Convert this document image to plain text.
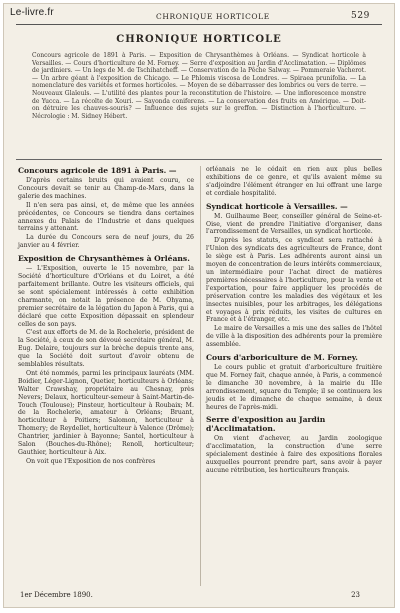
Le-livre.fr	CHRONIQUE HORTICOLE	529
CHRONIQUE HORTICOLE
Concours agricole de 1891 à Paris. — Exposition de Chrysanthèmes à Orléans. — Syndicat horticole à Versailles. — Cours d'horticulture de M. Forney. — Serre d'exposition au Jardin d'Acclimatation. — Diplômes de jardiniers. — Un legs de M. de Tschihatcheff. — Conservation de la Pêche Salway. — Pommeraie Vacherot. — Un arbre géant à l'exposition de Chicago. — Le Phlomis viscosa de Londres. — Spiraea prunifolia. — La nomenclature des variétés et formes horticoles. — Moyen de se débarrasser des lombrics ou vers de terre. — Nouveaux Glaïeuls. — L'utilité des plantes pour la reconstitution de l'histoire. — Une inflorescence monstre de Yucca. — La récolte de Xouri. — Sayonda coniferens. — La conservation des fruits en Amérique. — Doit-on détruire les chauves-souris? — Influence des sujets sur le greffon. — Distinction à l'horticulture. — Nécrologie : M. Sidney Hébert.
Concours agricole de 1891 à Paris. —

D'après certains bruits qui avaient couru, ce Concours devait se tenir au Champ-de-Mars, dans la galerie des machines.

Il n'en sera pas ainsi, et, de même que les années précédentes, ce Concours se tiendra dans certaines annexes du Palais de l'Industrie et dans quelques terrains y attenant.

La durée du Concours sera de neuf jours, du 26 janvier au 4 février.

Exposition de Chrysanthèmes à Orléans.

— L'Exposition, ouverte le 15 novembre, par la Société d'horticulture d'Orléans et du Loiret, a été parfaitement brillante. Outre les visiteurs officiels, qui se sont spécialement intéressés à cette exhibition charmante, on notait la présence de M. Ohyama, premier secrétaire de la légation du Japon à Paris, qui a déclaré que cette Exposition dépassait en splendeur celles de son pays.

C'est aux efforts de M. de la Rochelerie, président de la Société, à ceux de son dévoué secrétaire général, M. Eug. Delaire, toujours sur la brèche depuis trente ans, que la Société doit surtout d'avoir obtenu de semblables résultats.

Ont été nommés, parmi les principaux lauréats (MM. Boidier, Léger-Lignon, Quetier, horticulteurs à Orléans; Walter Crawshay, propriétaire au Chesnay, près Nevers; Delaux, horticulteur-semeur à Saint-Martin-de-Touch (Toulouse); Pinsteur, horticulteur à Roubaix; M. de la Rochelerie, amateur à Orléans; Bruant, horticulteur à Poitiers; Salomon, horticulteur à Thomery; de Reydellet, horticulteur à Valence (Drôme); Chantrier, jardinier à Bayonne; Santel, horticulteur à Salon (Bouches-du-Rhône); Renoll, horticulteur; Gauthier, horticulteur à Aix.

On voit que l'Exposition de nos confrères

orléanais ne le cédait en rien aux plus belles exhibitions de ce genre, et qu'ils avaient même su s'adjoindre l'élément étranger en lui offrant une large et cordiale hospitalité.

Syndicat horticole à Versailles. —

M. Guilhaume Beer, conseiller général de Seine-et-Oise, vient de prendre l'initiative d'organiser, dans l'arrondissement de Versailles, un syndicat horticole.

D'après les statuts, ce syndicat sera rattaché à l'Union des syndicats des agriculteurs de France, dont le siège est à Paris. Les adhérents auront ainsi un moyen de concentration de leurs intérêts commerciaux, un intermédiaire pour l'achat direct de matières premières nécessaires à l'horticulture, pour la vente et l'exportation, pour faire appliquer les procédés de préservation contre les maladies des végétaux et les insectes nuisibles, pour les arbitrages, les délégations et voyages à prix réduits, les visites de cultures en France et à l'étranger, etc.

Le maire de Versailles a mis une des salles de l'hôtel de ville à la disposition des adhérents pour la première assemblée.

Cours d'arboriculture de M. Forney.

Le cours public et gratuit d'arboriculture fruitière que M. Forney fait, chaque année, à Paris, a commencé le dimanche 30 novembre, à la mairie du IIIe arrondissement, square du Temple; il se continuera les jeudis et le dimanche de chaque semaine, à deux heures de l'après-midi.

Serre d'exposition au Jardin d'Acclimatation.

On vient d'achever, au Jardin zoologique d'acclimatation, la construction d'une serre spécialement destinée à faire des expositions florales auxquelles pourront prendre part, sans avoir à payer aucune rétribution, les horticulteurs français.

1er Décembre 1890.	23
